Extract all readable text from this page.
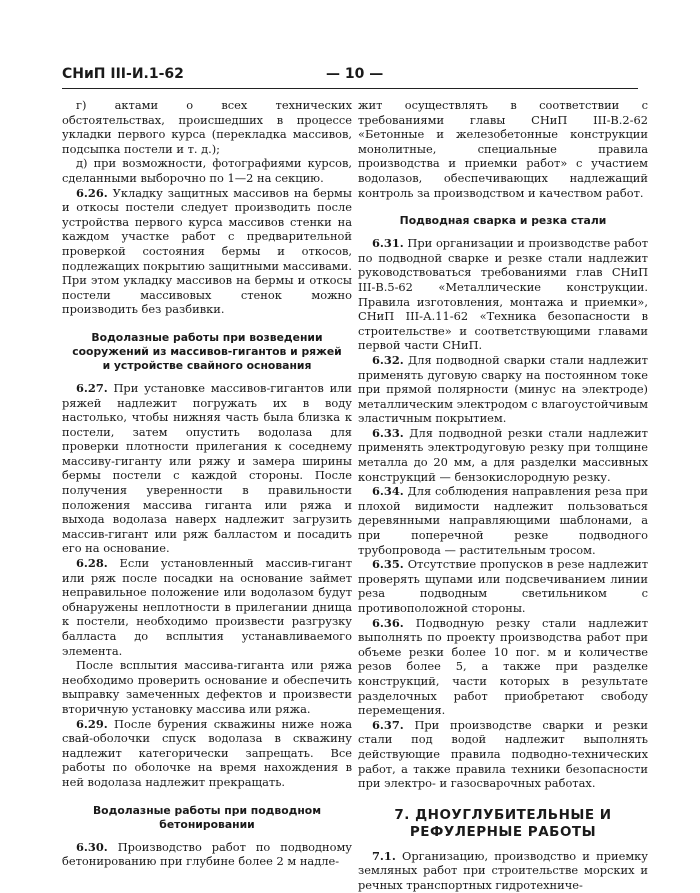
СНиП III-И.1-62	— 10 —

г) актами о всех технических обстоятельствах, происшедших в процессе укладки первого курса (перекладка массивов, подсыпка постели и т. д.);

д) при возможности, фотографиями курсов, сделанными выборочно по 1—2 на секцию.

6.26. Укладку защитных массивов на бермы и откосы постели следует производить после устройства первого курса массивов стенки на каждом участке работ с предварительной проверкой состояния бермы и откосов, подлежащих покрытию защитными массивами. При этом укладку массивов на бермы и откосы постели массивовых стенок можно производить без разбивки.

Водолазные работы при возведении сооружений из массивов-гигантов и ряжей и устройстве свайного основания

6.27. При установке массивов-гигантов или ряжей надлежит погружать их в воду настолько, чтобы нижняя часть была близка к постели, затем опустить водолаза для проверки плотности прилегания к соседнему массиву-гиганту или ряжу и замера ширины бермы постели с каждой стороны. После получения уверенности в правильности положения массива гиганта или ряжа и выхода водолаза наверх надлежит загрузить массив-гигант или ряж балластом и посадить его на основание.

6.28. Если установленный массив-гигант или ряж после посадки на основание займет неправильное положение или водолазом будут обнаружены неплотности в прилегании днища к постели, необходимо произвести разгрузку балласта до всплытия устанавливаемого элемента.

После всплытия массива-гиганта или ряжа необходимо проверить основание и обеспечить выправку замеченных дефектов и произвести вторичную установку массива или ряжа.

6.29. После бурения скважины ниже ножа свай-оболочки спуск водолаза в скважину надлежит категорически запрещать. Все работы по оболочке на время нахождения в ней водолаза надлежит прекращать.

Водолазные работы при подводном бетонировании

6.30. Производство работ по подводному бетонированию при глубине более 2 м надле-

жит осуществлять в соответствии с требованиями главы СНиП III-В.2-62 «Бетонные и железобетонные конструкции монолитные, специальные правила производства и приемки работ» с участием водолазов, обеспечивающих надлежащий контроль за производством и качеством работ.

Подводная сварка и резка стали

6.31. При организации и производстве работ по подводной сварке и резке стали надлежит руководствоваться требованиями глав СНиП III-В.5-62 «Металлические конструкции. Правила изготовления, монтажа и приемки», СНиП III-А.11-62 «Техника безопасности в строительстве» и соответствующими главами первой части СНиП.

6.32. Для подводной сварки стали надлежит применять дуговую сварку на постоянном токе при прямой полярности (минус на электроде) металлическим электродом с влагоустойчивым эластичным покрытием.

6.33. Для подводной резки стали надлежит применять электродуговую резку при толщине металла до 20 мм, а для разделки массивных конструкций — бензокислородную резку.

6.34. Для соблюдения направления реза при плохой видимости надлежит пользоваться деревянными направляющими шаблонами, а при поперечной резке подводного трубопровода — растительным тросом.

6.35. Отсутствие пропусков в резе надлежит проверять щупами или подсвечиванием линии реза подводным светильником с противоположной стороны.

6.36. Подводную резку стали надлежит выполнять по проекту производства работ при объеме резки более 10 пог. м и количестве резов более 5, а также при разделке конструкций, части которых в результате разделочных работ приобретают свободу перемещения.

6.37. При производстве сварки и резки стали под водой надлежит выполнять действующие правила подводно-технических работ, а также правила техники безопасности при электро- и газосварочных работах.

7. ДНОУГЛУБИТЕЛЬНЫЕ И РЕФУЛЕРНЫЕ РАБОТЫ

7.1. Организацию, производство и приемку земляных работ при строительстве морских и речных транспортных гидротехниче-
